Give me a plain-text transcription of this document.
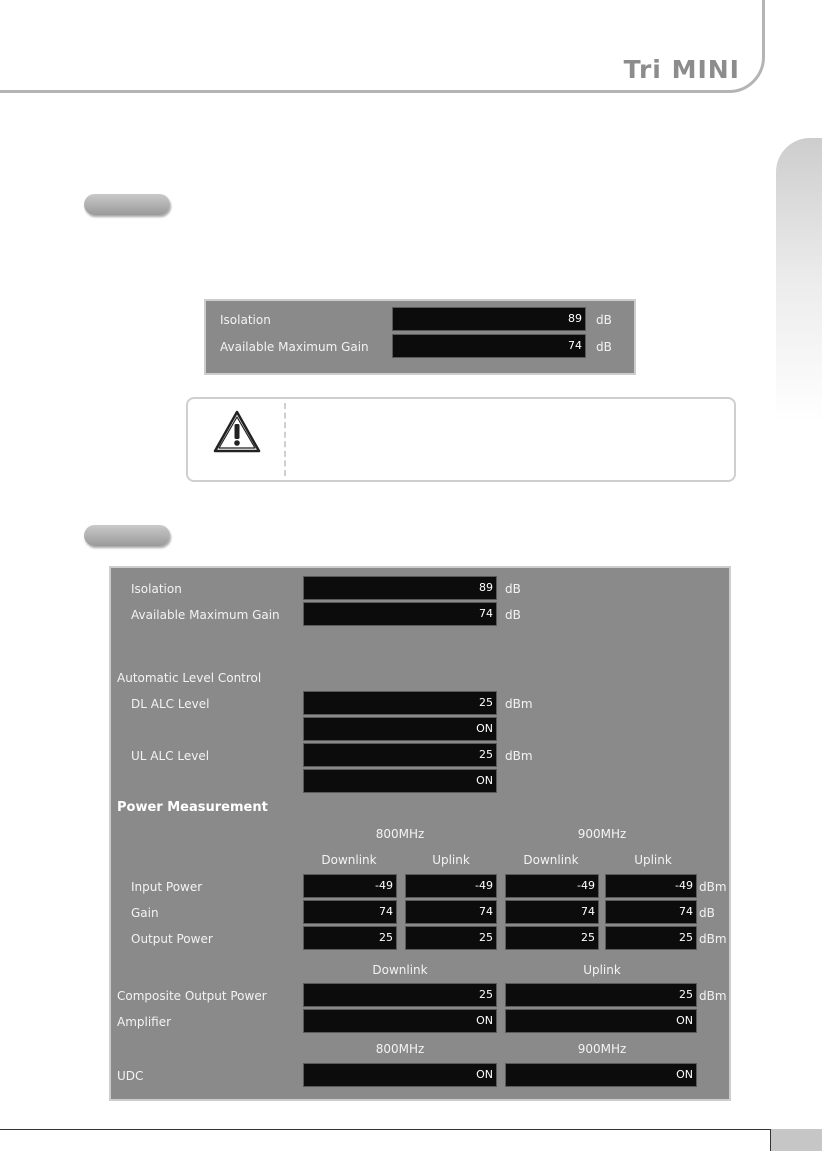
Tri MINI
Isolation	89	dB
Available Maximum Gain	74	dB
Isolation	89	dB
Available Maximum Gain	74	dB
Automatic Level Control
DL ALC Level	25	dBm
ON
UL ALC Level	25	dBm
ON
Power Measurement
800MHz	900MHz
Downlink	Uplink	Downlink	Uplink
Input Power	-49	-49	-49	-49 dBm
Gain	74	74	74	74 dB
Output Power	25	25	25	25 dBm
Downlink	Uplink
Composite Output Power	25	25 dBm
Amplifier	ON	ON
800MHz	900MHz
UDC	ON	ON
